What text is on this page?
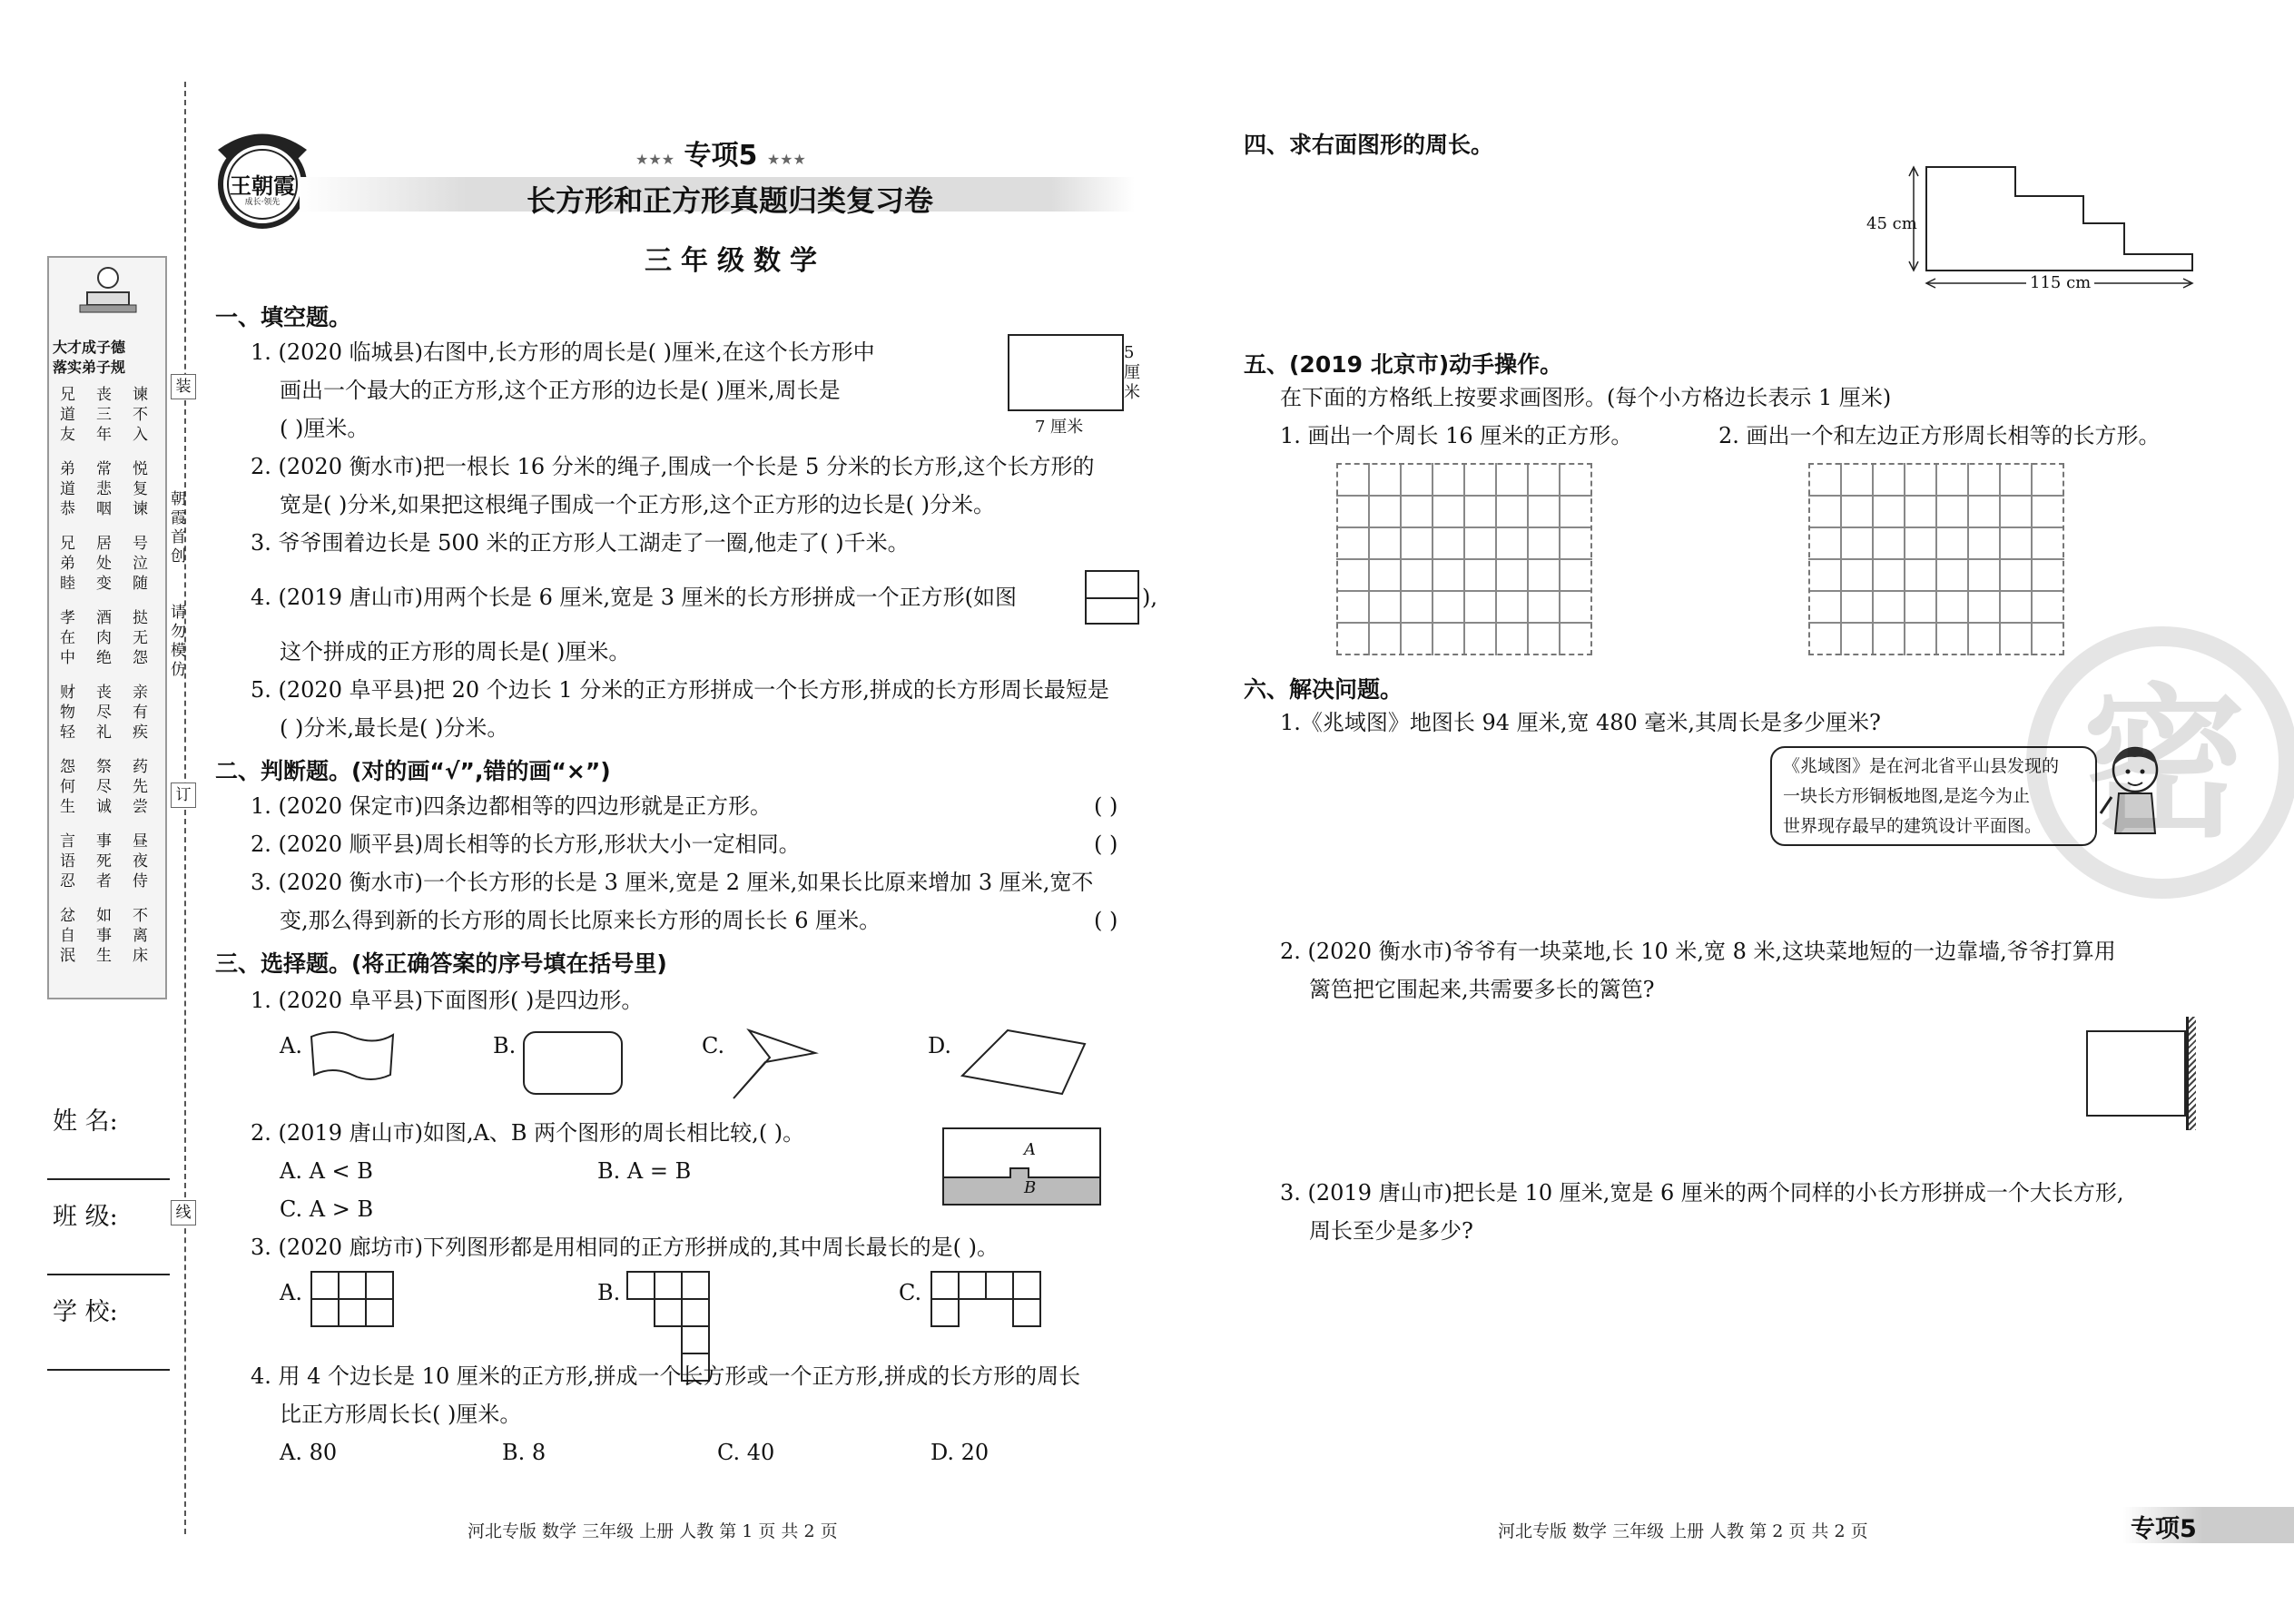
装
订
线
朝霞首创
请勿模仿
大才成子德
落实弟子规
兄道友
丧三年
谏不入
弟道恭
常悲咽
悦复谏
兄弟睦
居处变
号泣随
孝在中
酒肉绝
挞无怨
财物轻
丧尽礼
亲有疾
怨何生
祭尽诚
药先尝
言语忍
事死者
昼夜侍
忿自泯
如事生
不离床
姓 名:
班 级:
学 校:
王朝霞
成长·领先
★★★ 专项5 ★★★
长方形和正方形真题归类复习卷
三年级数学
一、填空题。
1. (2020 临城县)右图中,长方形的周长是( )厘米,在这个长方形中
画出一个最大的正方形,这个正方形的边长是( )厘米,周长是
( )厘米。	7 厘米
5厘米
2. (2020 衡水市)把一根长 16 分米的绳子,围成一个长是 5 分米的长方形,这个长方形的
宽是( )分米,如果把这根绳子围成一个正方形,这个正方形的边长是( )分米。
3. 爷爷围着边长是 500 米的正方形人工湖走了一圈,他走了( )千米。
4. (2019 唐山市)用两个长是 6 厘米,宽是 3 厘米的长方形拼成一个正方形(如图	),
这个拼成的正方形的周长是( )厘米。
5. (2020 阜平县)把 20 个边长 1 分米的正方形拼成一个长方形,拼成的长方形周长最短是
( )分米,最长是( )分米。
二、判断题。(对的画“√”,错的画“×”)
1. (2020 保定市)四条边都相等的四边形就是正方形。	( )
2. (2020 顺平县)周长相等的长方形,形状大小一定相同。	( )
3. (2020 衡水市)一个长方形的长是 3 厘米,宽是 2 厘米,如果长比原来增加 3 厘米,宽不
变,那么得到新的长方形的周长比原来长方形的周长长 6 厘米。	( )
三、选择题。(将正确答案的序号填在括号里)
1. (2020 阜平县)下面图形( )是四边形。
A.	B.	C.	D.
2. (2019 唐山市)如图,A、B 两个图形的周长相比较,( )。
A. A < B	B. A = B
C. A > B
A
B
3. (2020 廊坊市)下列图形都是用相同的正方形拼成的,其中周长最长的是( )。
A.	B.	C.
4. 用 4 个边长是 10 厘米的正方形,拼成一个长方形或一个正方形,拼成的长方形的周长
比正方形周长长( )厘米。
A. 80	B. 8	C. 40	D. 20
河北专版 数学 三年级 上册 人教 第 1 页 共 2 页
四、求右面图形的周长。
45 cm
115 cm
五、(2019 北京市)动手操作。
在下面的方格纸上按要求画图形。(每个小方格边长表示 1 厘米)
1. 画出一个周长 16 厘米的正方形。	2. 画出一个和左边正方形周长相等的长方形。
六、解决问题。
1.《兆域图》地图长 94 厘米,宽 480 毫米,其周长是多少厘米?
《兆域图》是在河北省平山县发现的
一块长方形铜板地图,是迄今为止
世界现存最早的建筑设计平面图。
2. (2020 衡水市)爷爷有一块菜地,长 10 米,宽 8 米,这块菜地短的一边靠墙,爷爷打算用
篱笆把它围起来,共需要多长的篱笆?
3. (2019 唐山市)把长是 10 厘米,宽是 6 厘米的两个同样的小长方形拼成一个大长方形,
周长至少是多少?
密
河北专版 数学 三年级 上册 人教 第 2 页 共 2 页	专项5
